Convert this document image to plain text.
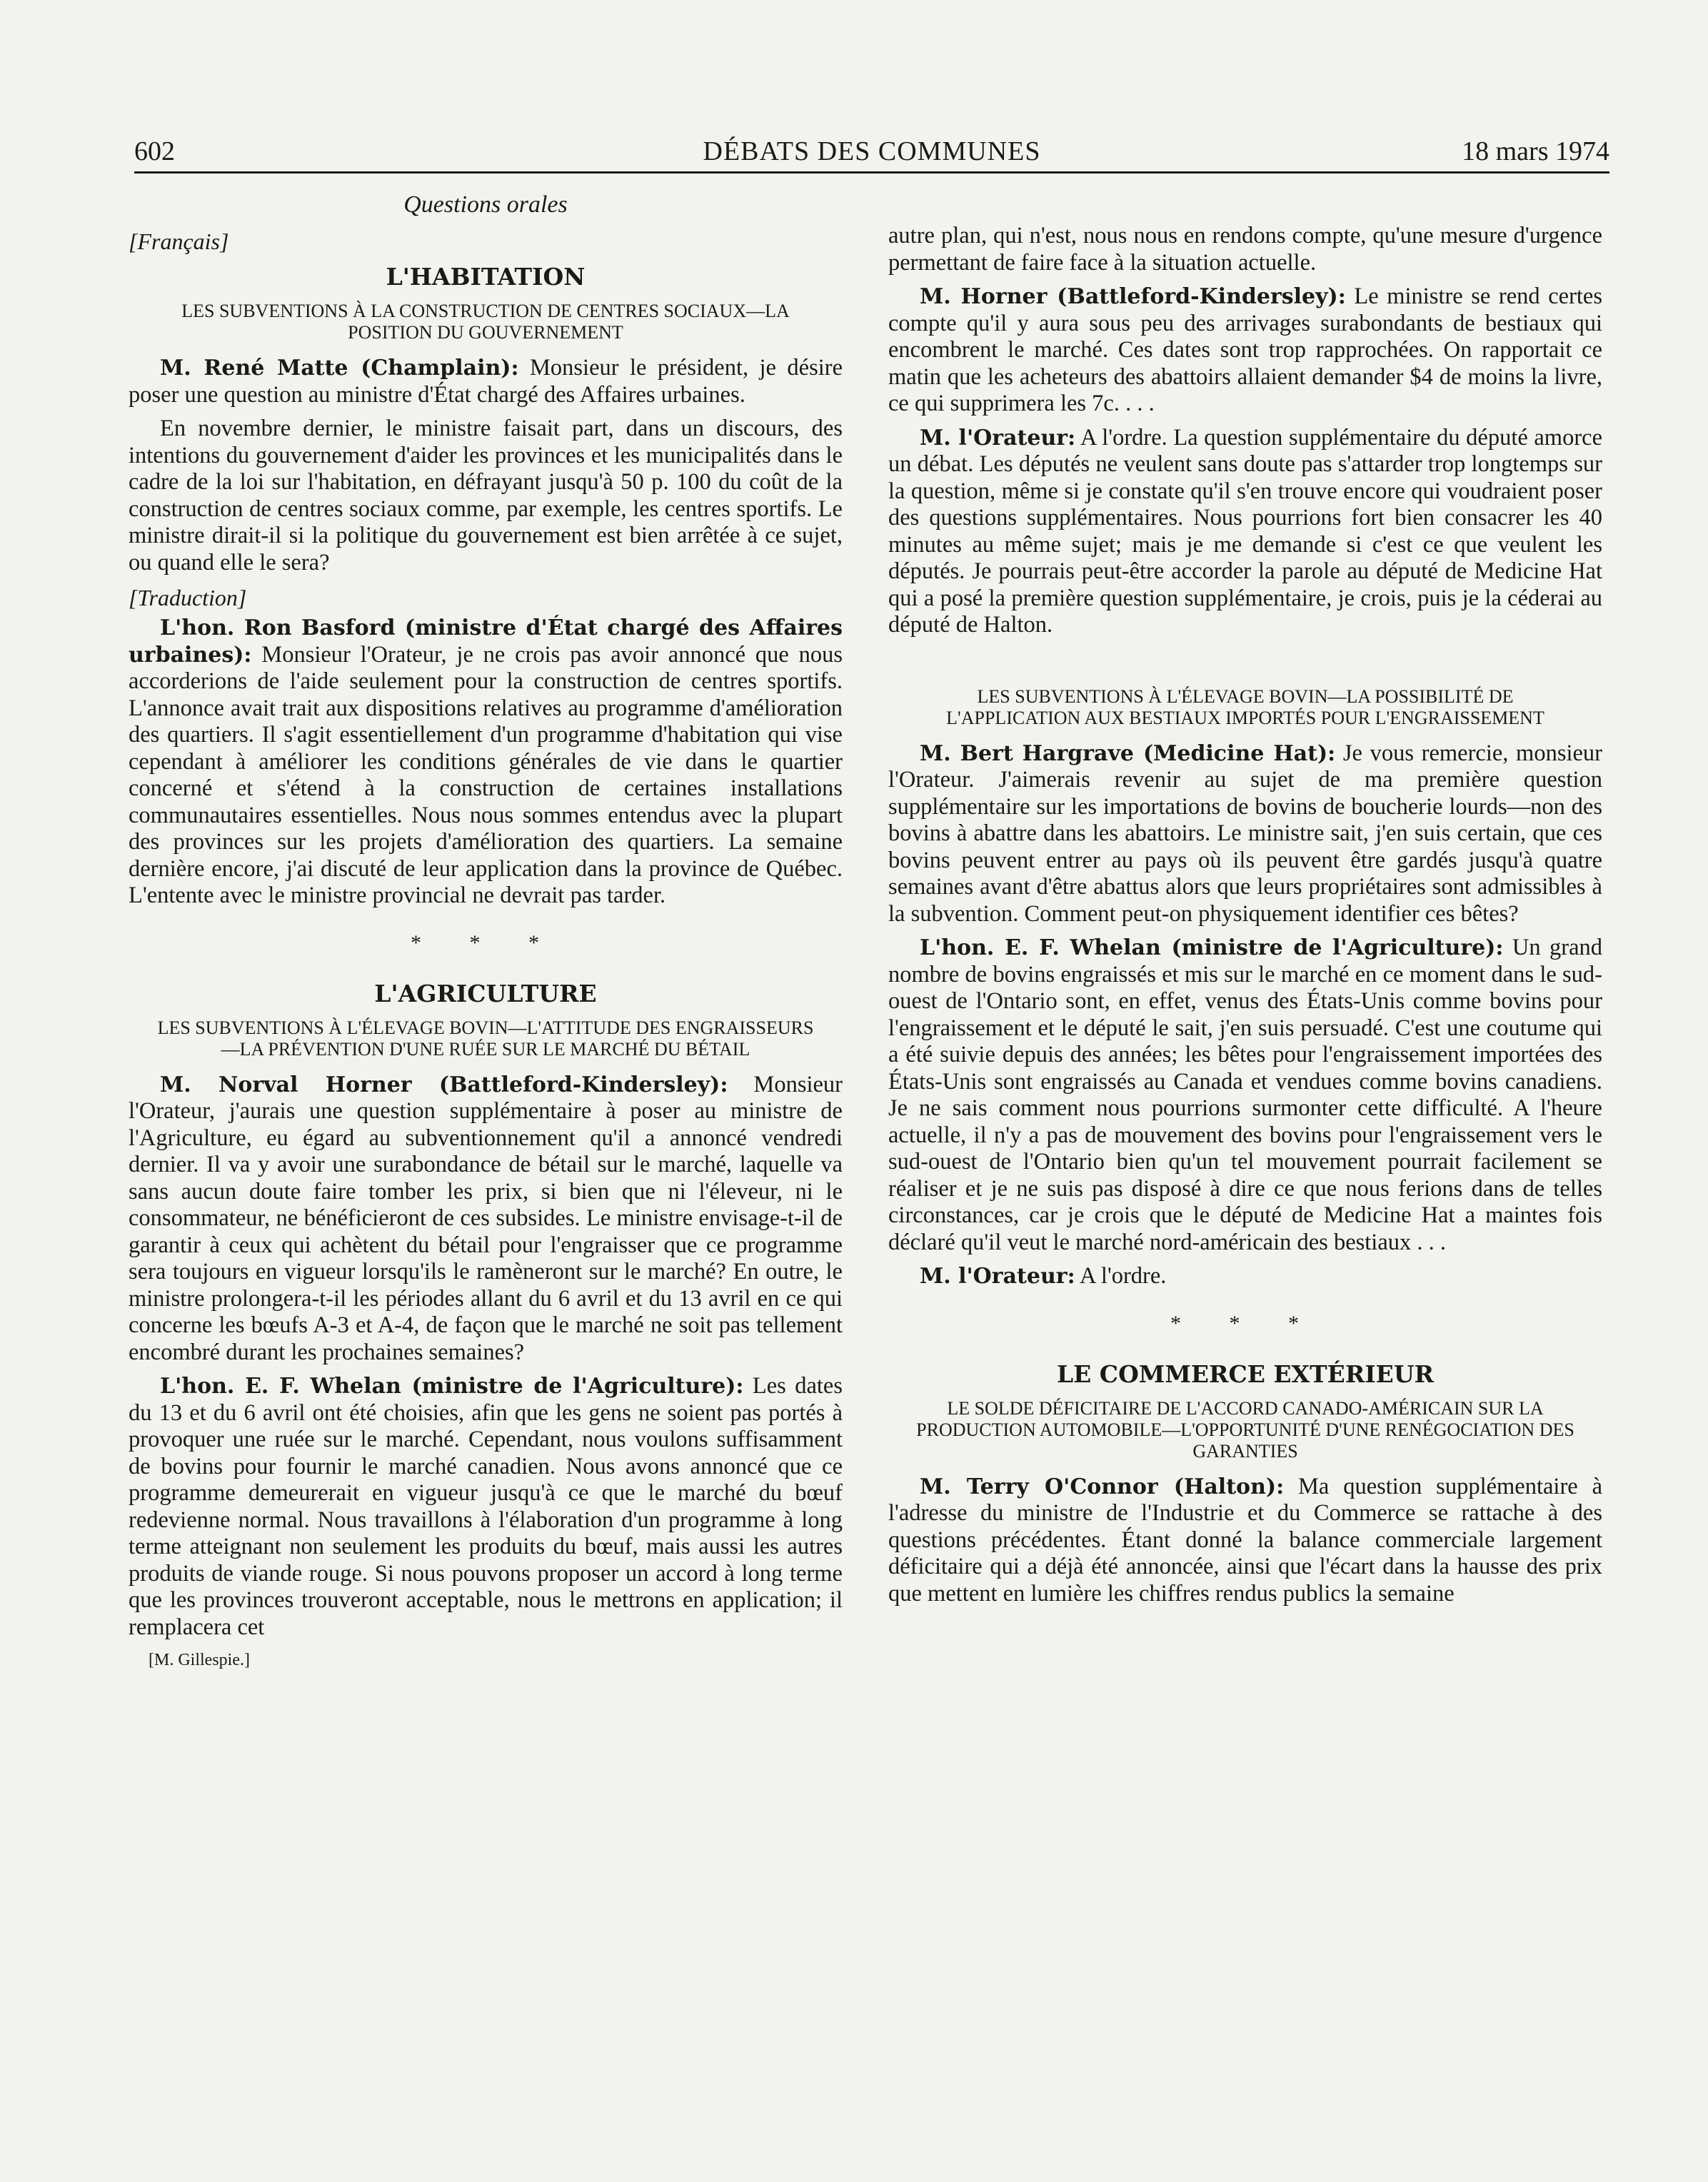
602	DÉBATS DES COMMUNES	18 mars 1974
Questions orales
[Français]
L'HABITATION
LES SUBVENTIONS À LA CONSTRUCTION DE CENTRES SOCIAUX—LA POSITION DU GOUVERNEMENT

M. René Matte (Champlain): Monsieur le président, je désire poser une question au ministre d'État chargé des Affaires urbaines.

En novembre dernier, le ministre faisait part, dans un discours, des intentions du gouvernement d'aider les provinces et les municipalités dans le cadre de la loi sur l'habitation, en défrayant jusqu'à 50 p. 100 du coût de la construction de centres sociaux comme, par exemple, les centres sportifs. Le ministre dirait-il si la politique du gouvernement est bien arrêtée à ce sujet, ou quand elle le sera?

[Traduction]

L'hon. Ron Basford (ministre d'État chargé des Affaires urbaines): Monsieur l'Orateur, je ne crois pas avoir annoncé que nous accorderions de l'aide seulement pour la construction de centres sportifs. L'annonce avait trait aux dispositions relatives au programme d'amélioration des quartiers. Il s'agit essentiellement d'un programme d'habitation qui vise cependant à améliorer les conditions générales de vie dans le quartier concerné et s'étend à la construction de certaines installations communautaires essentielles. Nous nous sommes entendus avec la plupart des provinces sur les projets d'amélioration des quartiers. La semaine dernière encore, j'ai discuté de leur application dans la province de Québec. L'entente avec le ministre provincial ne devrait pas tarder.

* * *
L'AGRICULTURE
LES SUBVENTIONS À L'ÉLEVAGE BOVIN—L'ATTITUDE DES ENGRAISSEURS—LA PRÉVENTION D'UNE RUÉE SUR LE MARCHÉ DU BÉTAIL

M. Norval Horner (Battleford-Kindersley): Monsieur l'Orateur, j'aurais une question supplémentaire à poser au ministre de l'Agriculture, eu égard au subventionnement qu'il a annoncé vendredi dernier. Il va y avoir une surabondance de bétail sur le marché, laquelle va sans aucun doute faire tomber les prix, si bien que ni l'éleveur, ni le consommateur, ne bénéficieront de ces subsides. Le ministre envisage-t-il de garantir à ceux qui achètent du bétail pour l'engraisser que ce programme sera toujours en vigueur lorsqu'ils le ramèneront sur le marché? En outre, le ministre prolongera-t-il les périodes allant du 6 avril et du 13 avril en ce qui concerne les bœufs A-3 et A-4, de façon que le marché ne soit pas tellement encombré durant les prochaines semaines?

L'hon. E. F. Whelan (ministre de l'Agriculture): Les dates du 13 et du 6 avril ont été choisies, afin que les gens ne soient pas portés à provoquer une ruée sur le marché. Cependant, nous voulons suffisamment de bovins pour fournir le marché canadien. Nous avons annoncé que ce programme demeurerait en vigueur jusqu'à ce que le marché du bœuf redevienne normal. Nous travaillons à l'élaboration d'un programme à long terme atteignant non seulement les produits du bœuf, mais aussi les autres produits de viande rouge. Si nous pouvons proposer un accord à long terme que les provinces trouveront acceptable, nous le mettrons en application; il remplacera cet

[M. Gillespie.]

autre plan, qui n'est, nous nous en rendons compte, qu'une mesure d'urgence permettant de faire face à la situation actuelle.

M. Horner (Battleford-Kindersley): Le ministre se rend certes compte qu'il y aura sous peu des arrivages surabondants de bestiaux qui encombrent le marché. Ces dates sont trop rapprochées. On rapportait ce matin que les acheteurs des abattoirs allaient demander $4 de moins la livre, ce qui supprimera les 7c. . . .

M. l'Orateur: A l'ordre. La question supplémentaire du député amorce un débat. Les députés ne veulent sans doute pas s'attarder trop longtemps sur la question, même si je constate qu'il s'en trouve encore qui voudraient poser des questions supplémentaires. Nous pourrions fort bien consacrer les 40 minutes au même sujet; mais je me demande si c'est ce que veulent les députés. Je pourrais peut-être accorder la parole au député de Medicine Hat qui a posé la première question supplémentaire, je crois, puis je la céderai au député de Halton.

LES SUBVENTIONS À L'ÉLEVAGE BOVIN—LA POSSIBILITÉ DE L'APPLICATION AUX BESTIAUX IMPORTÉS POUR L'ENGRAISSEMENT

M. Bert Hargrave (Medicine Hat): Je vous remercie, monsieur l'Orateur. J'aimerais revenir au sujet de ma première question supplémentaire sur les importations de bovins de boucherie lourds—non des bovins à abattre dans les abattoirs. Le ministre sait, j'en suis certain, que ces bovins peuvent entrer au pays où ils peuvent être gardés jusqu'à quatre semaines avant d'être abattus alors que leurs propriétaires sont admissibles à la subvention. Comment peut-on physiquement identifier ces bêtes?

L'hon. E. F. Whelan (ministre de l'Agriculture): Un grand nombre de bovins engraissés et mis sur le marché en ce moment dans le sud-ouest de l'Ontario sont, en effet, venus des États-Unis comme bovins pour l'engraissement et le député le sait, j'en suis persuadé. C'est une coutume qui a été suivie depuis des années; les bêtes pour l'engraissement importées des États-Unis sont engraissés au Canada et vendues comme bovins canadiens. Je ne sais comment nous pourrions surmonter cette difficulté. A l'heure actuelle, il n'y a pas de mouvement des bovins pour l'engraissement vers le sud-ouest de l'Ontario bien qu'un tel mouvement pourrait facilement se réaliser et je ne suis pas disposé à dire ce que nous ferions dans de telles circonstances, car je crois que le député de Medicine Hat a maintes fois déclaré qu'il veut le marché nord-américain des bestiaux . . .

M. l'Orateur: A l'ordre.

* * *
LE COMMERCE EXTÉRIEUR
LE SOLDE DÉFICITAIRE DE L'ACCORD CANADO-AMÉRICAIN SUR LA PRODUCTION AUTOMOBILE—L'OPPORTUNITÉ D'UNE RENÉGOCIATION DES GARANTIES

M. Terry O'Connor (Halton): Ma question supplémentaire à l'adresse du ministre de l'Industrie et du Commerce se rattache à des questions précédentes. Étant donné la balance commerciale largement déficitaire qui a déjà été annoncée, ainsi que l'écart dans la hausse des prix que mettent en lumière les chiffres rendus publics la semaine
